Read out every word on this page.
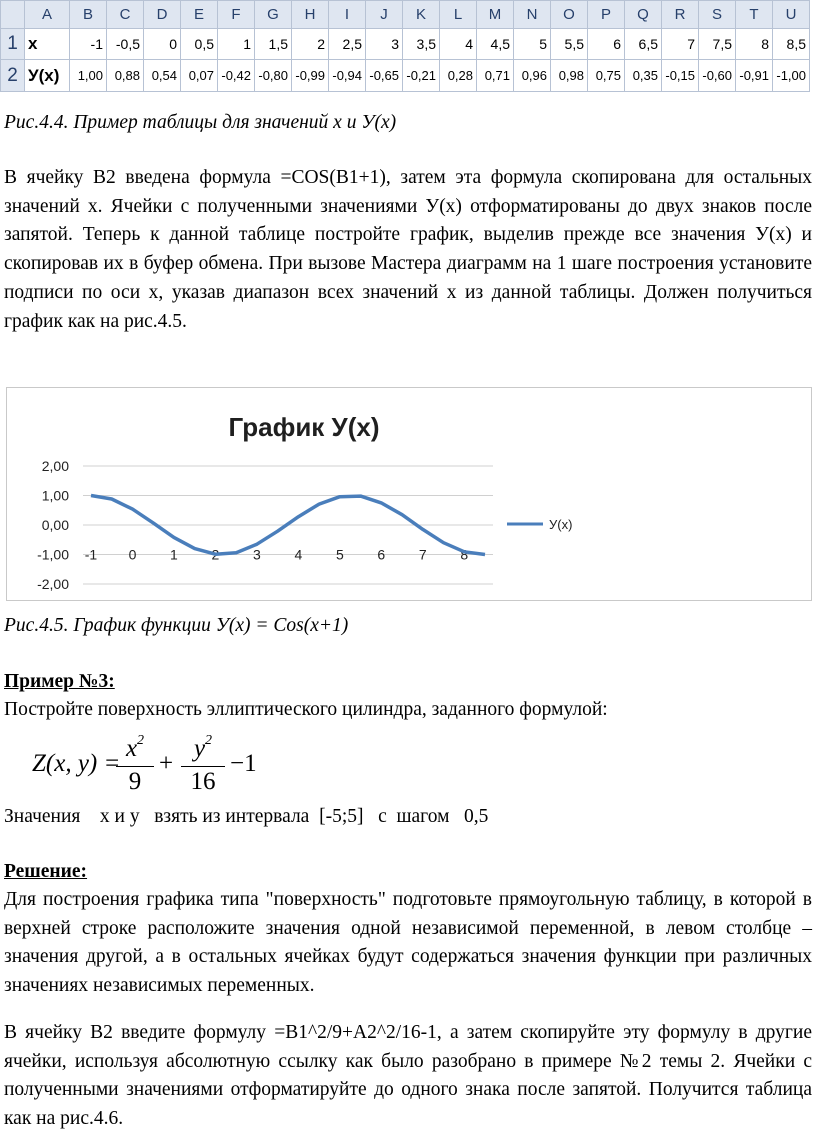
	A	B	C	D	E	F	G	H	I	J	K	L	M	N	O	P	Q	R	S	T	U
1	x	-1	-0,5	0	0,5	1	1,5	2	2,5	3	3,5	4	4,5	5	5,5	6	6,5	7	7,5	8	8,5
2	У(х)	1,00	0,88	0,54	0,07	-0,42	-0,80	-0,99	-0,94	-0,65	-0,21	0,28	0,71	0,96	0,98	0,75	0,35	-0,15	-0,60	-0,91	-1,00

Рис.4.4. Пример таблицы для значений х и У(х)

В ячейку В2 введена формула =COS(B1+1), затем эта формула скопирована для остальных значений х. Ячейки с полученными значениями У(х) отформатированы до двух знаков после запятой. Теперь к данной таблице постройте график, выделив прежде все значения У(х) и скопировав их в буфер обмена. При вызове Мастера диаграмм на 1 шаге построения установите подписи по оси х, указав диапазон всех значений х из данной таблицы. Должен получиться график как на рис.4.5.

График У(х)
2,00
1,00
0,00
-1,00
-2,00
-1 0 1 2 3 4 5 6 7 8
У(х)

Рис.4.5. График функции У(х) = Cos(х+1)

Пример №3:

Постройте поверхность эллиптического цилиндра, заданного формулой:

Z(x, y) =
$x^2$
9
+
$y^2$
16
−1

Значения    х и у   взять из интервала  [-5;5]   с  шагом   0,5

Решение:

Для построения графика типа "поверхность" подготовьте прямоугольную таблицу, в которой в верхней строке расположите значения одной независимой переменной, в левом столбце – значения другой, а в остальных ячейках будут содержаться значения функции при различных значениях независимых переменных.

В ячейку В2 введите формулу =B1^2/9+A2^2/16-1, а затем скопируйте эту формулу в другие ячейки, используя абсолютную ссылку как было разобрано в примере №2 темы 2. Ячейки с полученными значениями отформатируйте до одного знака после запятой. Получится таблица как на рис.4.6.
